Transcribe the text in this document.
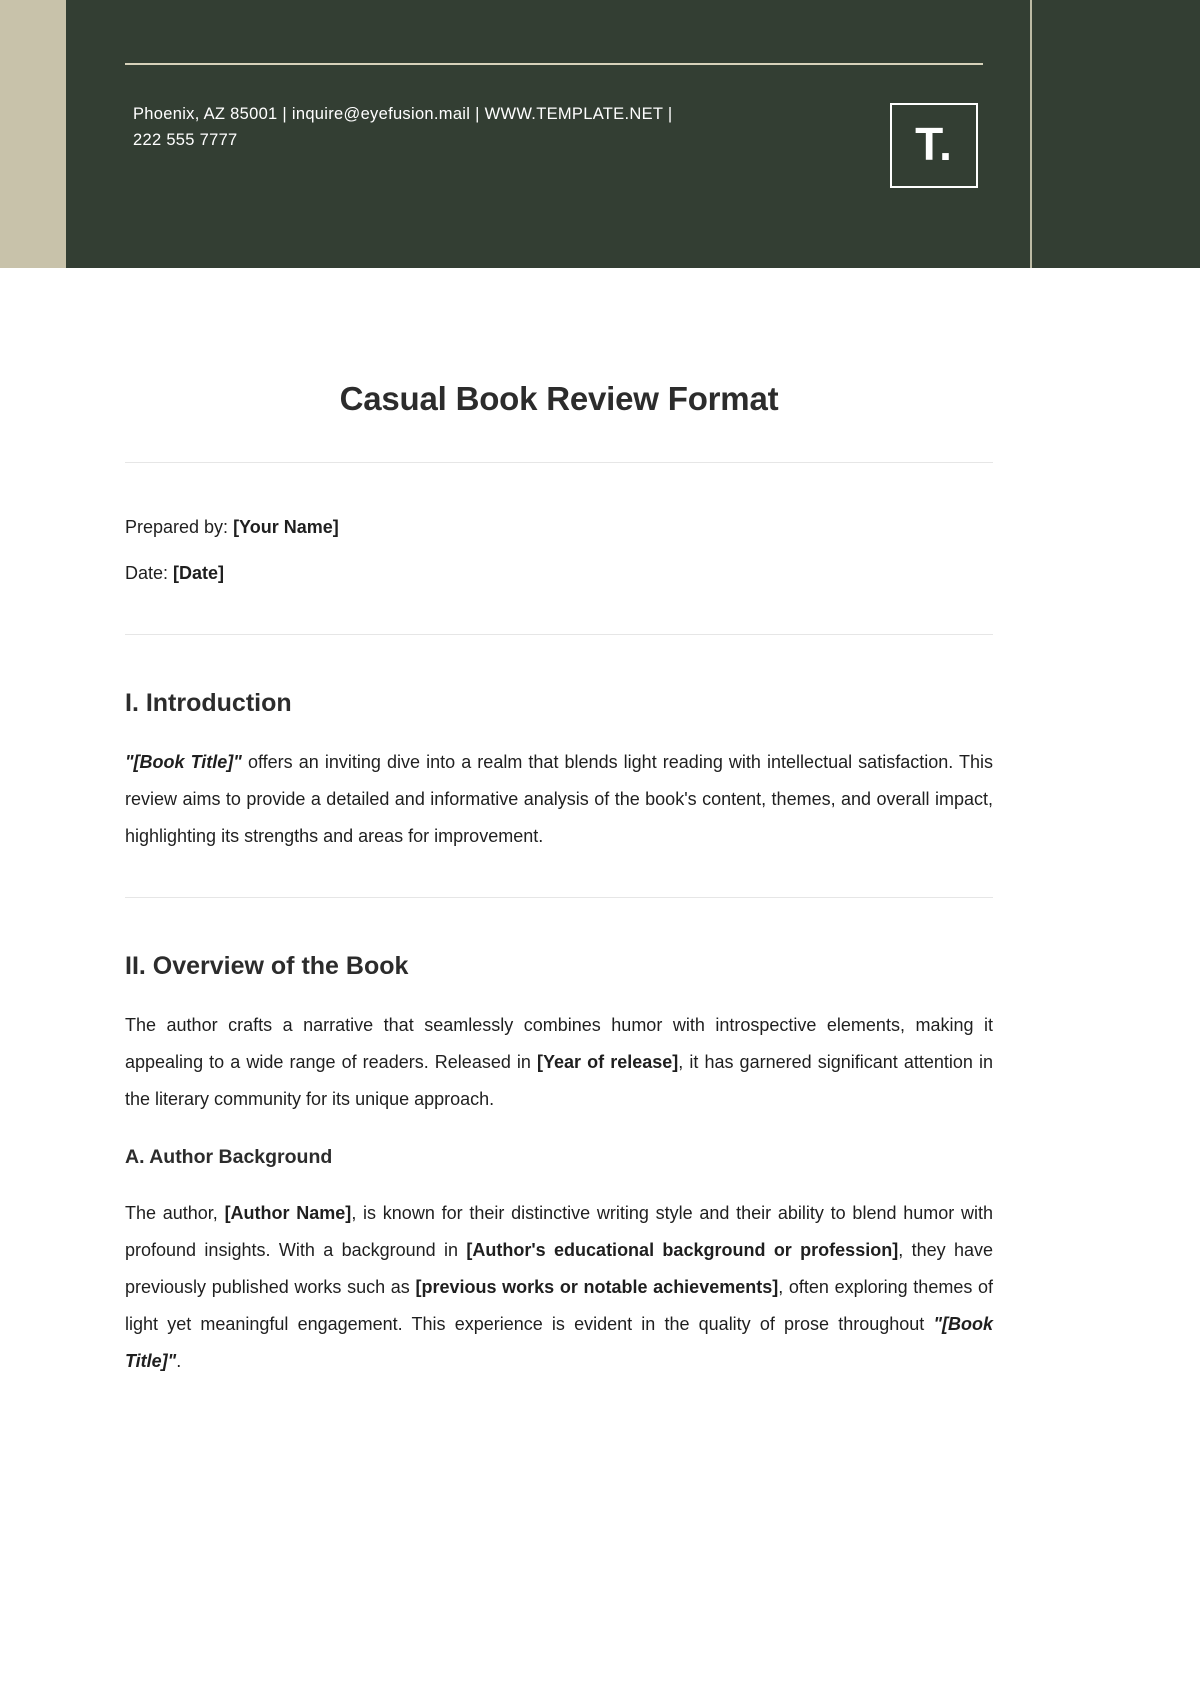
Phoenix, AZ 85001 | inquire@eyefusion.mail | WWW.TEMPLATE.NET |
222 555 7777	T.
Casual Book Review Format

Prepared by: [Your Name]

Date: [Date]

I. Introduction

"[Book Title]" offers an inviting dive into a realm that blends light reading with intellectual satisfaction. This review aims to provide a detailed and informative analysis of the book's content, themes, and overall impact, highlighting its strengths and areas for improvement.

II. Overview of the Book

The author crafts a narrative that seamlessly combines humor with introspective elements, making it appealing to a wide range of readers. Released in [Year of release], it has garnered significant attention in the literary community for its unique approach.

A. Author Background

The author, [Author Name], is known for their distinctive writing style and their ability to blend humor with profound insights. With a background in [Author's educational background or profession], they have previously published works such as [previous works or notable achievements], often exploring themes of light yet meaningful engagement. This experience is evident in the quality of prose throughout "[Book Title]".
